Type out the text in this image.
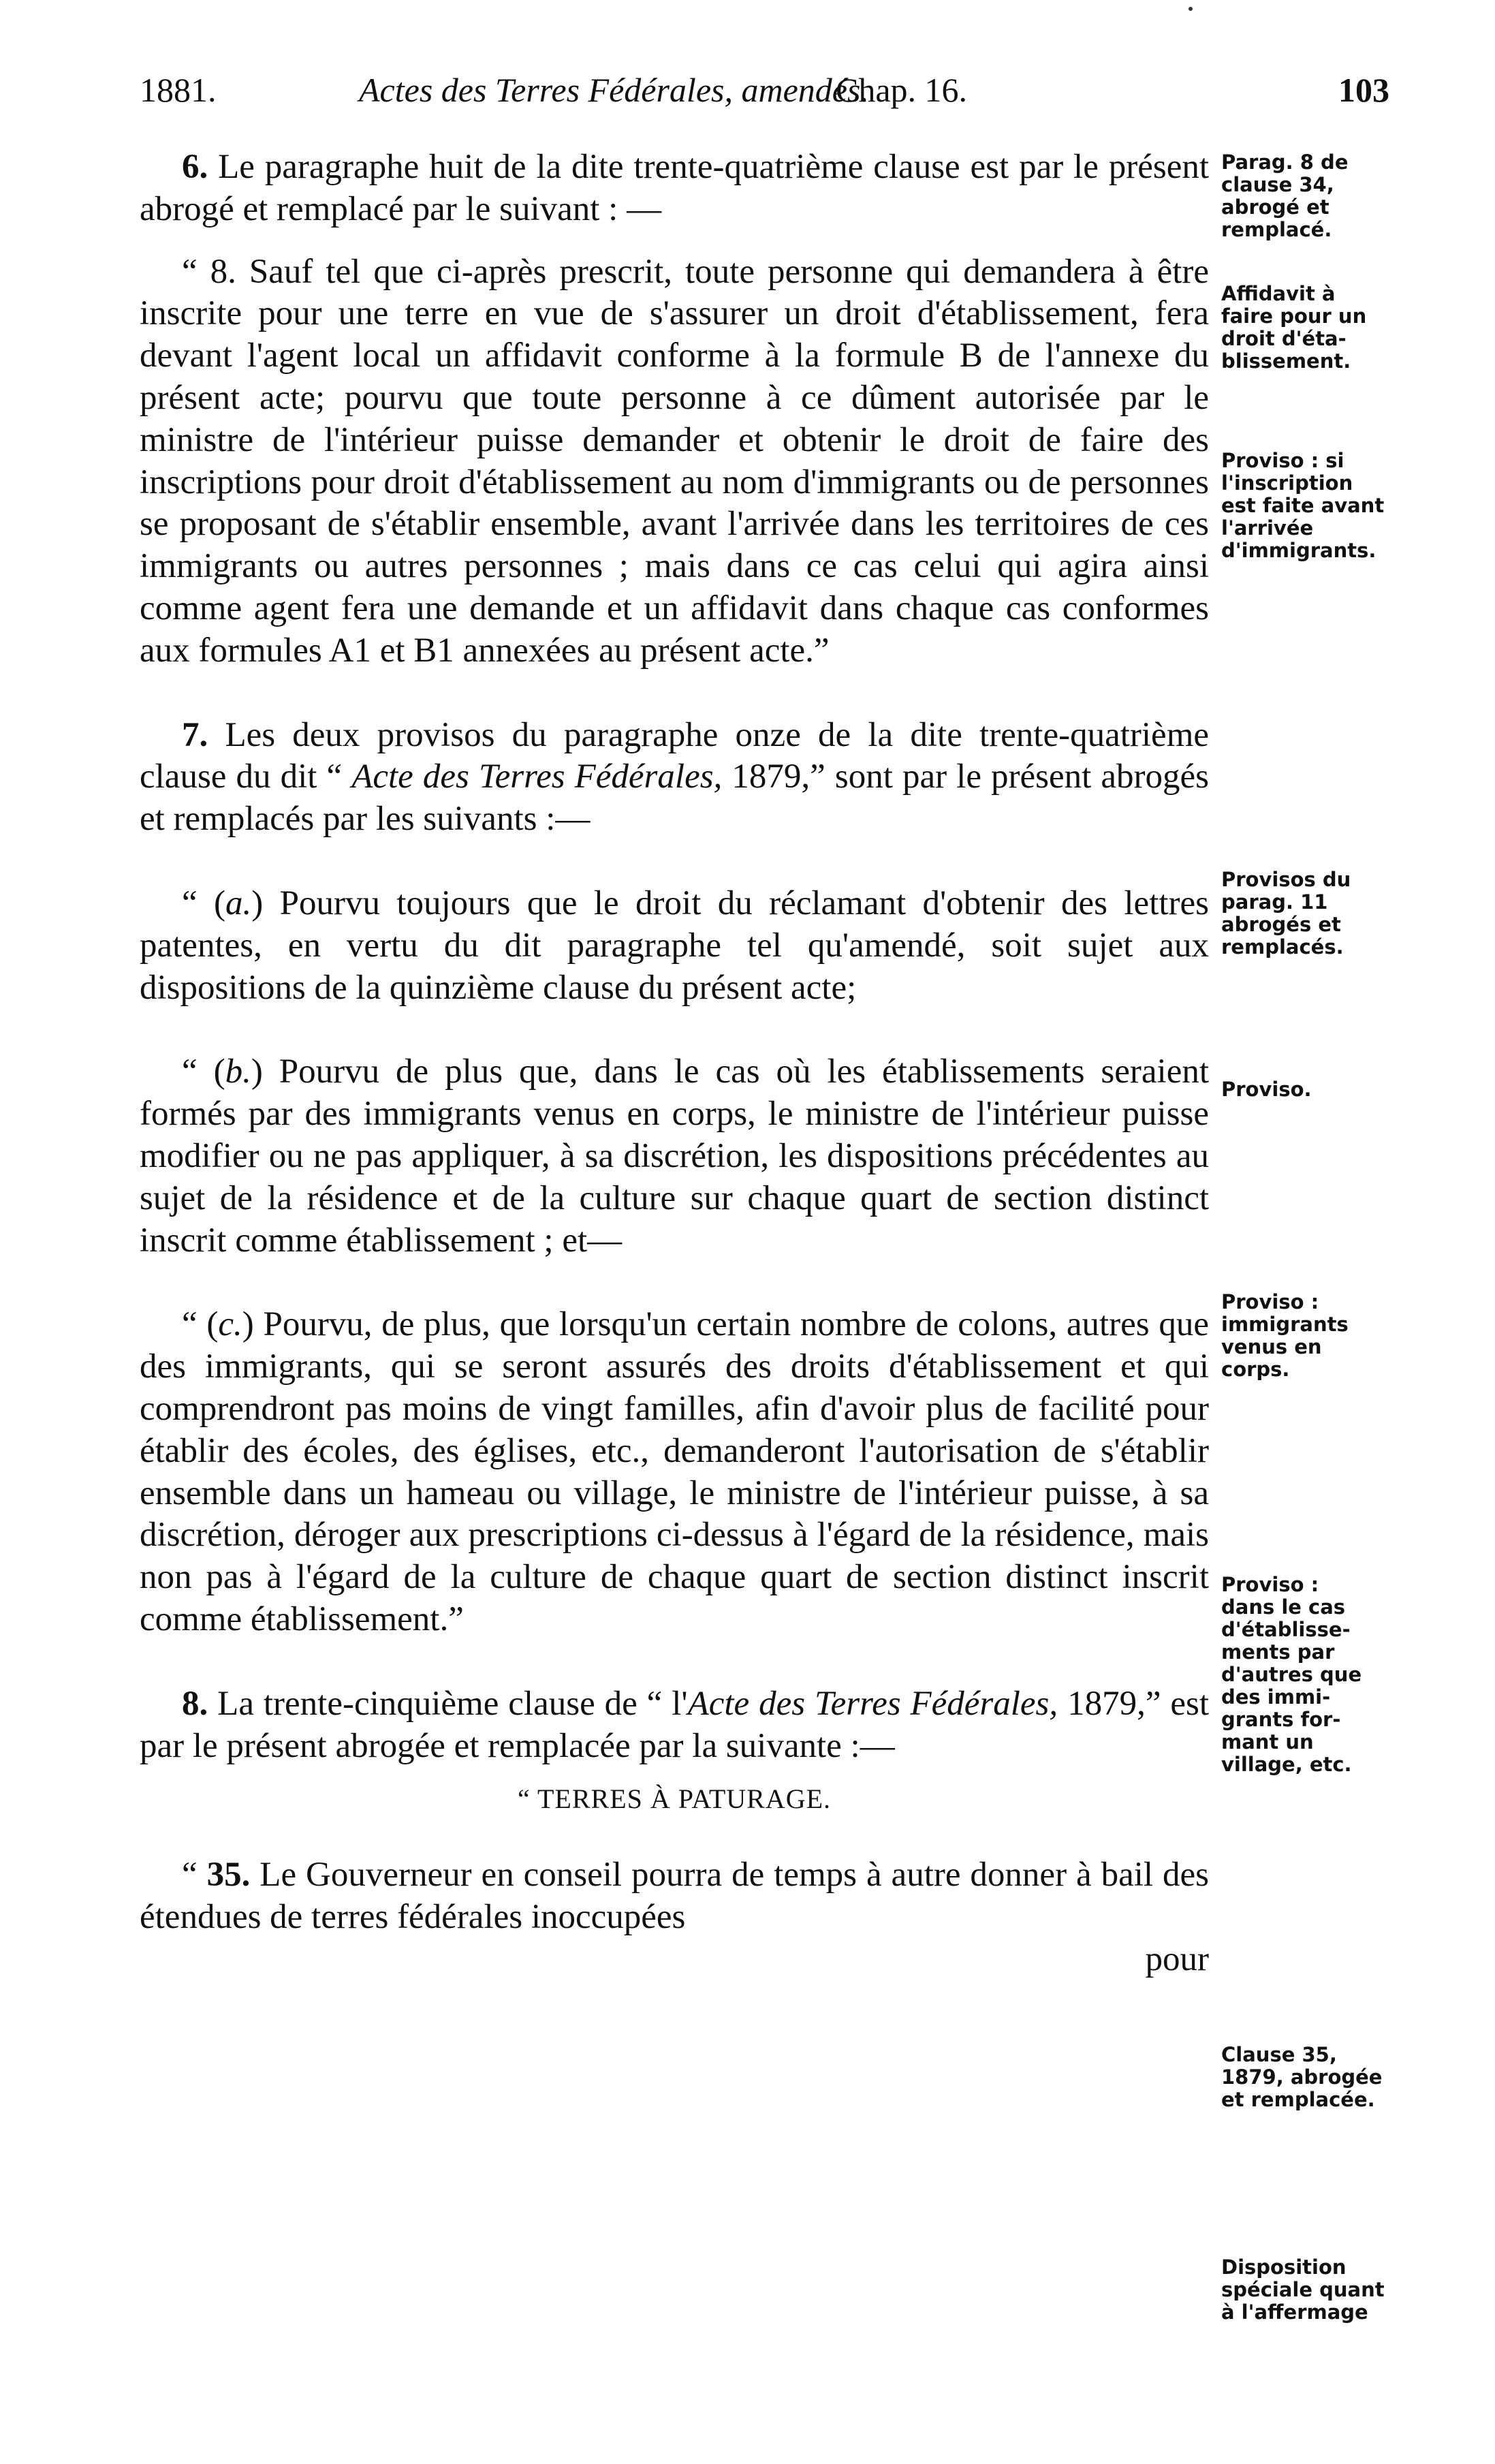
1881.	Actes des Terres Fédérales, amendés.
Chap. 16.	103

6. Le paragraphe huit de la dite trente-quatrième clause est par le présent abrogé et remplacé par le suivant : —

“ 8. Sauf tel que ci-après prescrit, toute personne qui demandera à être inscrite pour une terre en vue de s'assurer un droit d'établissement, fera devant l'agent local un affidavit conforme à la formule B de l'annexe du présent acte; pourvu que toute personne à ce dûment autorisée par le ministre de l'intérieur puisse demander et obtenir le droit de faire des inscriptions pour droit d'établissement au nom d'immigrants ou de personnes se proposant de s'établir ensemble, avant l'arrivée dans les territoires de ces immigrants ou autres personnes ; mais dans ce cas celui qui agira ainsi comme agent fera une demande et un affidavit dans chaque cas conformes aux formules A1 et B1 annexées au présent acte.”

7. Les deux provisos du paragraphe onze de la dite trente-quatrième clause du dit “ Acte des Terres Fédérales, 1879,” sont par le présent abrogés et remplacés par les suivants :—

“ (a.) Pourvu toujours que le droit du réclamant d'obtenir des lettres patentes, en vertu du dit paragraphe tel qu'amendé, soit sujet aux dispositions de la quinzième clause du présent acte;

“ (b.) Pourvu de plus que, dans le cas où les établissements seraient formés par des immigrants venus en corps, le ministre de l'intérieur puisse modifier ou ne pas appliquer, à sa discrétion, les dispositions précédentes au sujet de la résidence et de la culture sur chaque quart de section distinct inscrit comme établissement ; et—

“ (c.) Pourvu, de plus, que lorsqu'un certain nombre de colons, autres que des immigrants, qui se seront assurés des droits d'établissement et qui comprendront pas moins de vingt familles, afin d'avoir plus de facilité pour établir des écoles, des églises, etc., demanderont l'autorisation de s'établir ensemble dans un hameau ou village, le ministre de l'intérieur puisse, à sa discrétion, déroger aux prescriptions ci-dessus à l'égard de la résidence, mais non pas à l'égard de la culture de chaque quart de section distinct inscrit comme établissement.”

8. La trente-cinquième clause de “ l'Acte des Terres Fédérales, 1879,” est par le présent abrogée et remplacée par la suivante :—

“ TERRES À PATURAGE.

“ 35. Le Gouverneur en conseil pourra de temps à autre donner à bail des étendues de terres fédérales inoccupées

pour

Parag. 8 de
clause 34,
abrogé et
remplacé.
Affidavit à
faire pour un
droit d'éta-
blissement.
Proviso : si
l'inscription
est faite avant
l'arrivée
d'immigrants.
Provisos du
parag. 11
abrogés et
remplacés.
Proviso.
Proviso :
immigrants
venus en
corps.
Proviso :
dans le cas
d'établisse-
ments par
d'autres que
des immi-
grants for-
mant un
village, etc.
Clause 35,
1879, abrogée
et remplacée.
Disposition
spéciale quant
à l'affermage
